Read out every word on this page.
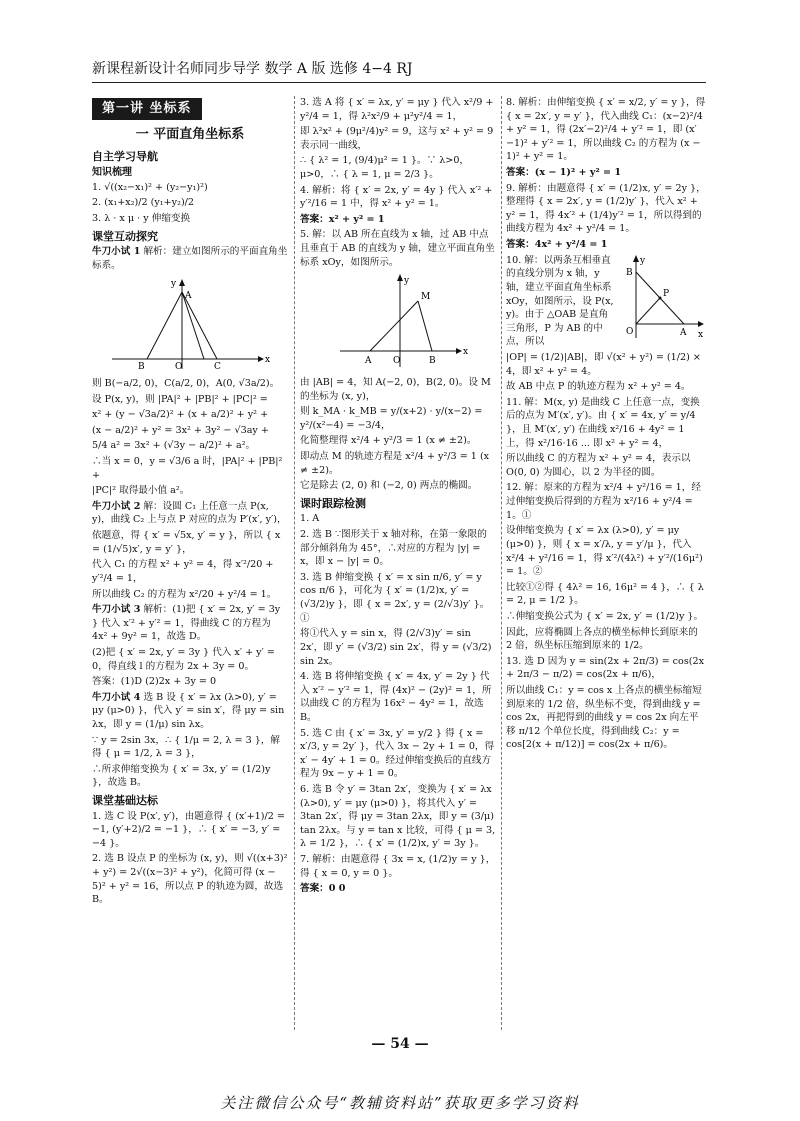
新课程新设计名师同步导学 数学 A 版 选修 4−4 RJ
第一讲 坐标系
一 平面直角坐标系
自主学习导航
知识梳理
1. √((x₂−x₁)² + (y₂−y₁)²)
2. (x₁+x₂)/2 (y₁+y₂)/2
3. λ · x μ · y 伸缩变换
课堂互动探究
牛刀小试 1 解析：建立如图所示的平面直角坐标系。
y
x
A
B	C
O
则 B(−a/2, 0)，C(a/2, 0)，A(0, √3a/2)。
设 P(x, y)，则 |PA|² + |PB|² + |PC|² =
x² + (y − √3a/2)² + (x + a/2)² + y² +
(x − a/2)² + y² = 3x² + 3y² − √3ay +
5/4 a² = 3x² + (√3y − a/2)² + a²。
∴当 x = 0，y = √3/6 a 时，|PA|² + |PB|² +
|PC|² 取得最小值 a²。
牛刀小试 2 解：设圆 C₁ 上任意一点 P(x, y)，曲线 C₂ 上与点 P 对应的点为 P′(x′, y′)，
依题意，得 { x′ = √5x, y′ = y }，所以 { x = (1/√5)x′, y = y′ }，
代入 C₁ 的方程 x² + y² = 4，得 x′²/20 + y′²/4 = 1，
所以曲线 C₂ 的方程为 x²/20 + y²/4 = 1。
牛刀小试 3 解析：(1)把 { x′ = 2x, y′ = 3y } 代入 x′² + y′² = 1，得曲线 C 的方程为 4x² + 9y² = 1，故选 D。
(2)把 { x′ = 2x, y′ = 3y } 代入 x′ + y′ = 0，得直线 l 的方程为 2x + 3y = 0。
答案：(1)D (2)2x + 3y = 0
牛刀小试 4 选 B 设 { x′ = λx (λ>0), y′ = μy (μ>0) }，代入 y′ = sin x′，得 μy = sin λx，即 y = (1/μ) sin λx。
∵ y = 2sin 3x，∴ { 1/μ = 2, λ = 3 }，解得 { μ = 1/2, λ = 3 }，
∴所求伸缩变换为 { x′ = 3x, y′ = (1/2)y }，故选 B。
课堂基础达标
1. 选 C 设 P(x′, y′)，由题意得 { (x′+1)/2 = −1, (y′+2)/2 = −1 }，∴ { x′ = −3, y′ = −4 }。
2. 选 B 设点 P 的坐标为 (x, y)，则 √((x+3)² + y²) = 2√((x−3)² + y²)，化简可得 (x − 5)² + y² = 16，所以点 P 的轨迹为圆，故选 B。
3. 选 A 将 { x′ = λx, y′ = μy } 代入 x²/9 + y²/4 = 1，得 λ²x²/9 + μ²y²/4 = 1，
即 λ²x² + (9μ²/4)y² = 9，这与 x² + y² = 9 表示同一曲线，
∴ { λ² = 1, (9/4)μ² = 1 }。∵ λ>0，μ>0，∴ { λ = 1, μ = 2/3 }。
4. 解析：将 { x′ = 2x, y′ = 4y } 代入 x′² + y′²/16 = 1 中，得 x² + y² = 1。
答案：x² + y² = 1
5. 解：以 AB 所在直线为 x 轴，过 AB 中点且垂直于 AB 的直线为 y 轴，建立平面直角坐标系 xOy，如图所示。
y
x
M
A O	B
由 |AB| = 4，知 A(−2, 0)，B(2, 0)。设 M 的坐标为 (x, y)，
则 k_MA · k_MB = y/(x+2) · y/(x−2) = y²/(x²−4) = −3/4，
化简整理得 x²/4 + y²/3 = 1 (x ≠ ±2)。
即动点 M 的轨迹方程是 x²/4 + y²/3 = 1 (x ≠ ±2)。
它是除去 (2, 0) 和 (−2, 0) 两点的椭圆。
课时跟踪检测
1. A
2. 选 B ∵图形关于 x 轴对称，在第一象限的部分倾斜角为 45°，∴对应的方程为 |y| = x，即 x − |y| = 0。
3. 选 B 伸缩变换 { x′ = x sin π/6, y′ = y cos π/6 }，可化为 { x′ = (1/2)x, y′ = (√3/2)y }，即 { x = 2x′, y = (2/√3)y′ }。①
将①代入 y = sin x，得 (2/√3)y′ = sin 2x′，即 y′ = (√3/2) sin 2x′，得 y = (√3/2) sin 2x。
4. 选 B 将伸缩变换 { x′ = 4x, y′ = 2y } 代入 x′² − y′² = 1，得 (4x)² − (2y)² = 1，所以曲线 C 的方程为 16x² − 4y² = 1，故选 B。
5. 选 C 由 { x′ = 3x, y′ = y/2 } 得 { x = x′/3, y = 2y′ }，代入 3x − 2y + 1 = 0，得 x′ − 4y′ + 1 = 0。经过伸缩变换后的直线方程为 9x − y + 1 = 0。
6. 选 B 令 y′ = 3tan 2x′，变换为 { x′ = λx (λ>0), y′ = μy (μ>0) }，将其代入 y′ = 3tan 2x′，得 μy = 3tan 2λx，即 y = (3/μ) tan 2λx。与 y = tan x 比较，可得 { μ = 3, λ = 1/2 }，∴ { x′ = (1/2)x, y′ = 3y }。
7. 解析：由题意得 { 3x = x, (1/2)y = y }，得 { x = 0, y = 0 }。
答案：0 0
8. 解析：由伸缩变换 { x′ = x/2, y′ = y }，得 { x = 2x′, y = y′ }，代入曲线 C₁：(x−2)²/4 + y² = 1，得 (2x′−2)²/4 + y′² = 1，即 (x′−1)² + y′² = 1，所以曲线 C₂ 的方程为 (x − 1)² + y² = 1。
答案：(x − 1)² + y² = 1
9. 解析：由题意得 { x′ = (1/2)x, y′ = 2y }，整理得 { x = 2x′, y = (1/2)y′ }，代入 x² + y² = 1，得 4x′² + (1/4)y′² = 1，所以得到的曲线方程为 4x² + y²/4 = 1。
答案：4x² + y²/4 = 1
10. 解：以两条互相垂直的直线分别为 x 轴，y 轴，建立平面直角坐标系 xOy，如图所示，设 P(x, y)。由于 △OAB 是直角三角形，P 为 AB 的中点，所以
y
x
B
P
O	A
|OP| = (1/2)|AB|，即 √(x² + y²) = (1/2) × 4，即 x² + y² = 4。
故 AB 中点 P 的轨迹方程为 x² + y² = 4。
11. 解：M(x, y) 是曲线 C 上任意一点，变换后的点为 M′(x′, y′)。由 { x′ = 4x, y′ = y/4 }，且 M′(x′, y′) 在曲线 x²/16 + 4y² = 1 上，得 x²/16·16 ... 即 x² + y² = 4，
所以曲线 C 的方程为 x² + y² = 4，表示以 O(0, 0) 为圆心，以 2 为半径的圆。
12. 解：原来的方程为 x²/4 + y²/16 = 1，经过伸缩变换后得到的方程为 x²/16 + y²/4 = 1。①
设伸缩变换为 { x′ = λx (λ>0), y′ = μy (μ>0) }，则 { x = x′/λ, y = y′/μ }，代入 x²/4 + y²/16 = 1，得 x′²/(4λ²) + y′²/(16μ²) = 1。②
比较①②得 { 4λ² = 16, 16μ² = 4 }，∴ { λ = 2, μ = 1/2 }。
∴伸缩变换公式为 { x′ = 2x, y′ = (1/2)y }。
因此，应将椭圆上各点的横坐标伸长到原来的 2 倍，纵坐标压缩到原来的 1/2。
13. 选 D 因为 y = sin(2x + 2π/3) = cos(2x + 2π/3 − π/2) = cos(2x + π/6)，
所以曲线 C₁：y = cos x 上各点的横坐标缩短到原来的 1/2 倍，纵坐标不变，得到曲线 y = cos 2x，再把得到的曲线 y = cos 2x 向左平移 π/12 个单位长度，得到曲线 C₂：y = cos[2(x + π/12)] = cos(2x + π/6)。
— 54 —
关注微信公众号“教辅资料站”获取更多学习资料
